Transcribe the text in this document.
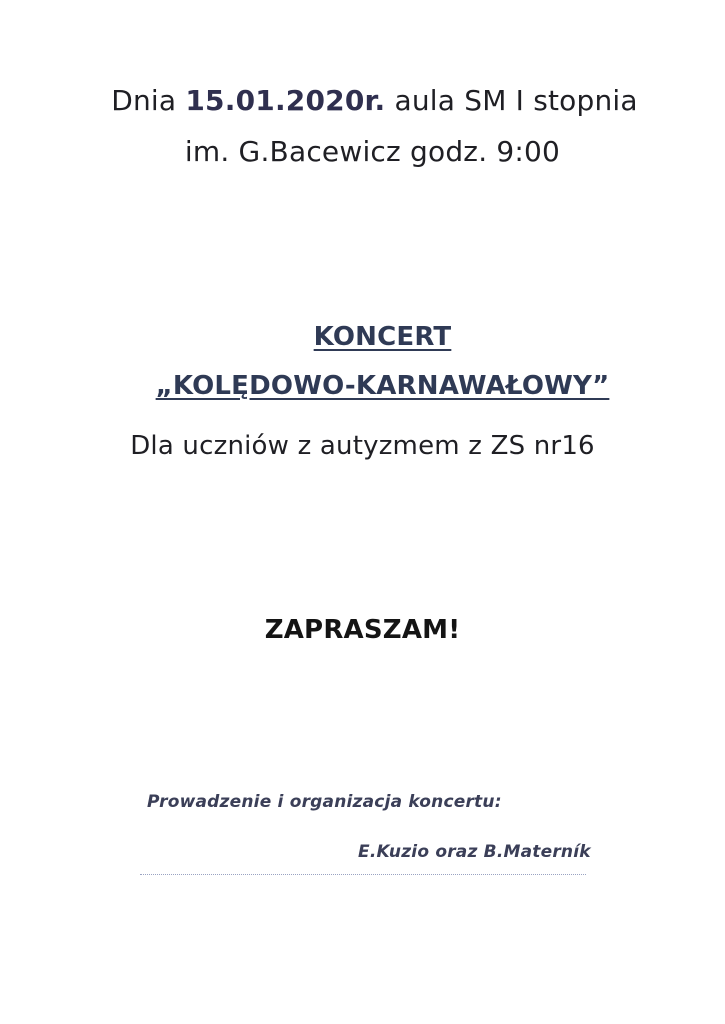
Dnia 15.01.2020r. aula SM I stopnia
im. G.Bacewicz godz. 9:00
KONCERT
„KOLĘDOWO-KARNAWAŁOWY”
Dla uczniów z autyzmem z ZS nr16
ZAPRASZAM!
Prowadzenie i organizacja koncertu:
E.Kuzio oraz B.Materník
